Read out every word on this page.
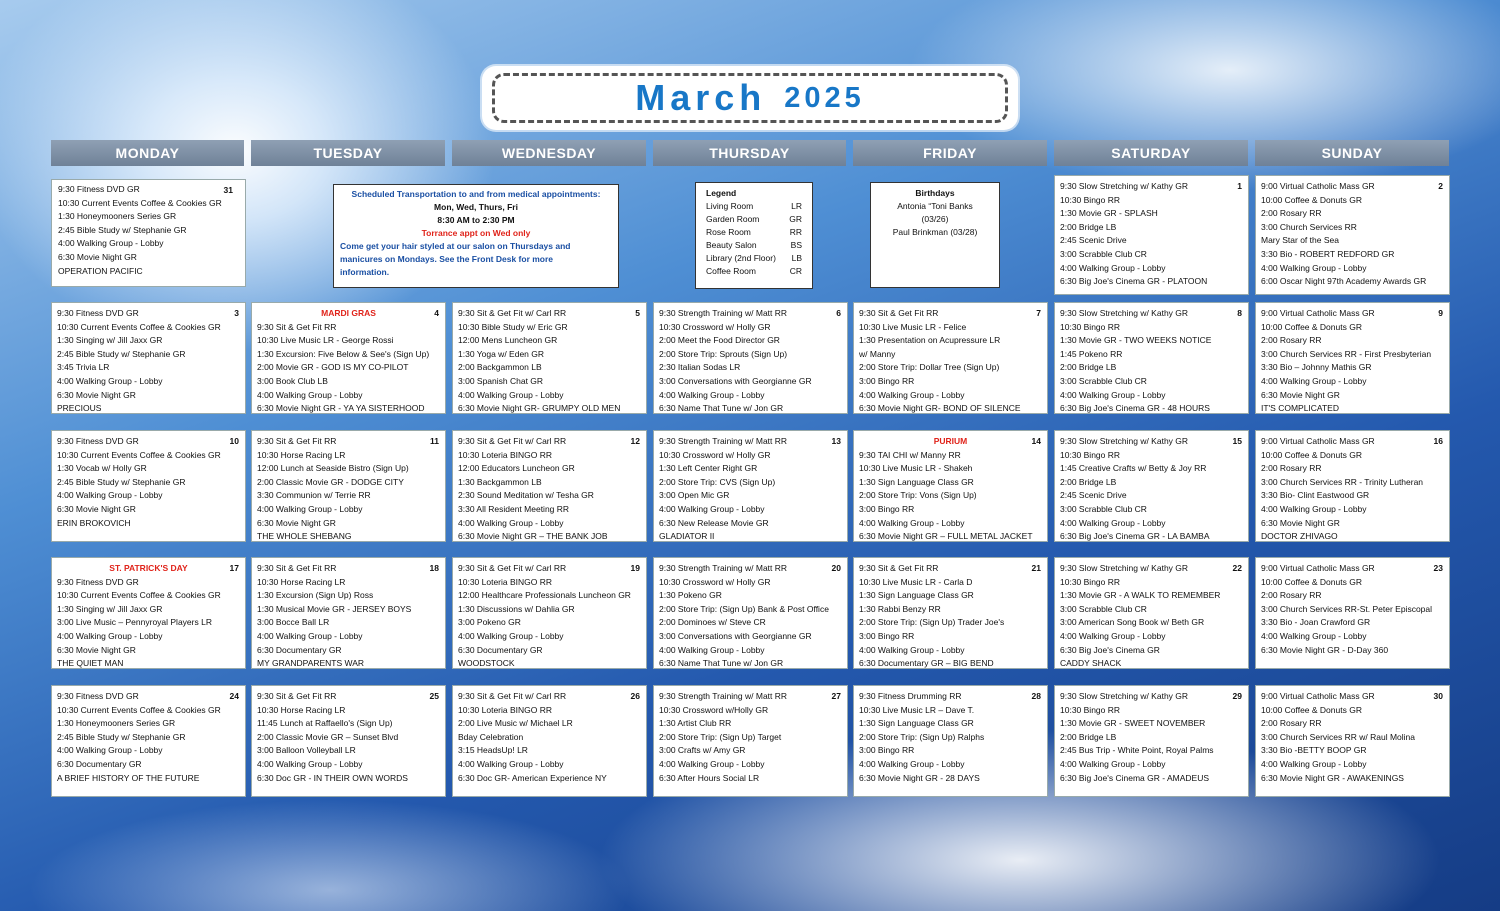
March 2025
MONDAY	TUESDAY	WEDNESDAY	THURSDAY	FRIDAY	SATURDAY	SUNDAY
31
9:30 Fitness DVD GR
10:30 Current Events Coffee & Cookies GR
1:30 Honeymooners Series GR
2:45 Bible Study w/ Stephanie GR
4:00 Walking Group - Lobby
6:30 Movie Night GR
OPERATION PACIFIC
Scheduled Transportation to and from medical appointments:
Mon, Wed, Thurs, Fri
8:30 AM to 2:30 PM
Torrance appt on Wed only
Come get your hair styled at our salon on Thursdays and
manicures on Mondays. See the Front Desk for more
information.
Legend
Living Room	LR
Garden Room	GR
Rose Room	RR
Beauty Salon	BS
Library (2nd Floor) LB
Coffee Room	CR
Birthdays
Antonia “Toni Banks
(03/26)
Paul Brinkman (03/28)
1
9:30 Slow Stretching w/ Kathy GR
10:30 Bingo RR
1:30 Movie GR - SPLASH
2:00 Bridge LB
2:45 Scenic Drive
3:00 Scrabble Club CR
4:00 Walking Group - Lobby
6:30 Big Joe's Cinema GR - PLATOON
2
9:00 Virtual Catholic Mass GR
10:00 Coffee & Donuts GR
2:00 Rosary RR
3:00 Church Services RR
Mary Star of the Sea
3:30 Bio - ROBERT REDFORD GR
4:00 Walking Group - Lobby
6:00 Oscar Night 97th Academy Awards GR
3
9:30 Fitness DVD GR
10:30 Current Events Coffee & Cookies GR
1:30 Singing w/ Jill Jaxx GR
2:45 Bible Study w/ Stephanie GR
3:45 Trivia LR
4:00 Walking Group - Lobby
6:30 Movie Night GR
PRECIOUS
4
MARDI GRAS
9:30 Sit & Get Fit RR
10:30 Live Music LR - George Rossi
1:30 Excursion: Five Below & See's (Sign Up)
2:00 Movie GR - GOD IS MY CO-PILOT
3:00 Book Club LB
4:00 Walking Group - Lobby
6:30 Movie Night GR - YA YA SISTERHOOD
5
9:30 Sit & Get Fit w/ Carl RR
10:30 Bible Study w/ Eric GR
12:00 Mens Luncheon GR
1:30 Yoga w/ Eden GR
2:00 Backgammon LB
3:00 Spanish Chat GR
4:00 Walking Group - Lobby
6:30 Movie Night GR- GRUMPY OLD MEN
6
9:30 Strength Training w/ Matt RR
10:30 Crossword w/ Holly GR
2:00 Meet the Food Director GR
2:00 Store Trip: Sprouts (Sign Up)
2:30 Italian Sodas LR
3:00 Conversations with Georgianne GR
4:00 Walking Group - Lobby
6:30 Name That Tune w/ Jon GR
7
9:30 Sit & Get Fit RR
10:30 Live Music LR - Felice
1:30 Presentation on Acupressure LR
w/ Manny
2:00 Store Trip: Dollar Tree (Sign Up)
3:00 Bingo RR
4:00 Walking Group - Lobby
6:30 Movie Night GR- BOND OF SILENCE
8
9:30 Slow Stretching w/ Kathy GR
10:30 Bingo RR
1:30 Movie GR - TWO WEEKS NOTICE
1:45 Pokeno RR
2:00 Bridge LB
3:00 Scrabble Club CR
4:00 Walking Group - Lobby
6:30 Big Joe's Cinema GR - 48 HOURS
9
9:00 Virtual Catholic Mass GR
10:00 Coffee & Donuts GR
2:00 Rosary RR
3:00 Church Services RR - First Presbyterian
3:30 Bio – Johnny Mathis GR
4:00 Walking Group - Lobby
6:30 Movie Night GR
IT'S COMPLICATED
10
9:30 Fitness DVD GR
10:30 Current Events Coffee & Cookies GR
1:30 Vocab w/ Holly GR
2:45 Bible Study w/ Stephanie GR
4:00 Walking Group - Lobby
6:30 Movie Night GR
ERIN BROKOVICH
11
9:30 Sit & Get Fit RR
10:30 Horse Racing LR
12:00 Lunch at Seaside Bistro (Sign Up)
2:00 Classic Movie GR - DODGE CITY
3:30 Communion w/ Terrie RR
4:00 Walking Group - Lobby
6:30 Movie Night GR
THE WHOLE SHEBANG
12
9:30 Sit & Get Fit w/ Carl RR
10:30 Loteria BINGO RR
12:00 Educators Luncheon GR
1:30 Backgammon LB
2:30 Sound Meditation w/ Tesha GR
3:30 All Resident Meeting RR
4:00 Walking Group - Lobby
6:30 Movie Night GR – THE BANK JOB
13
9:30 Strength Training w/ Matt RR
10:30 Crossword w/ Holly GR
1:30 Left Center Right GR
2:00 Store Trip: CVS (Sign Up)
3:00 Open Mic GR
4:00 Walking Group - Lobby
6:30 New Release Movie GR
GLADIATOR II
14
PURIUM
9:30 TAI CHI w/ Manny RR
10:30 Live Music LR - Shakeh
1:30 Sign Language Class GR
2:00 Store Trip: Vons (Sign Up)
3:00 Bingo RR
4:00 Walking Group - Lobby
6:30 Movie Night GR – FULL METAL JACKET
15
9:30 Slow Stretching w/ Kathy GR
10:30 Bingo RR
1:45 Creative Crafts w/ Betty & Joy RR
2:00 Bridge LB
2:45 Scenic Drive
3:00 Scrabble Club CR
4:00 Walking Group - Lobby
6:30 Big Joe's Cinema GR - LA BAMBA
16
9:00 Virtual Catholic Mass GR
10:00 Coffee & Donuts GR
2:00 Rosary RR
3:00 Church Services RR - Trinity Lutheran
3:30 Bio- Clint Eastwood GR
4:00 Walking Group - Lobby
6:30 Movie Night GR
DOCTOR ZHIVAGO
17
ST. PATRICK'S DAY
9:30 Fitness DVD GR
10:30 Current Events Coffee & Cookies GR
1:30 Singing w/ Jill Jaxx GR
3:00 Live Music – Pennyroyal Players LR
4:00 Walking Group - Lobby
6:30 Movie Night GR
THE QUIET MAN
18
9:30 Sit & Get Fit RR
10:30 Horse Racing LR
1:30 Excursion (Sign Up) Ross
1:30 Musical Movie GR - JERSEY BOYS
3:00 Bocce Ball LR
4:00 Walking Group - Lobby
6:30 Documentary GR
MY GRANDPARENTS WAR
19
9:30 Sit & Get Fit w/ Carl RR
10:30 Loteria BINGO RR
12:00 Healthcare Professionals Luncheon GR
1:30 Discussions w/ Dahlia GR
3:00 Pokeno GR
4:00 Walking Group - Lobby
6:30 Documentary GR
WOODSTOCK
20
9:30 Strength Training w/ Matt RR
10:30 Crossword w/ Holly GR
1:30 Pokeno GR
2:00 Store Trip: (Sign Up) Bank & Post Office
2:00 Dominoes w/ Steve CR
3:00 Conversations with Georgianne GR
4:00 Walking Group - Lobby
6:30 Name That Tune w/ Jon GR
21
9:30 Sit & Get Fit RR
10:30 Live Music LR - Carla D
1:30 Sign Language Class GR
1:30 Rabbi Benzy RR
2:00 Store Trip: (Sign Up) Trader Joe's
3:00 Bingo RR
4:00 Walking Group - Lobby
6:30 Documentary GR – BIG BEND
22
9:30 Slow Stretching w/ Kathy GR
10:30 Bingo RR
1:30 Movie GR - A WALK TO REMEMBER
3:00 Scrabble Club CR
3:00 American Song Book w/ Beth GR
4:00 Walking Group - Lobby
6:30 Big Joe's Cinema GR
CADDY SHACK
23
9:00 Virtual Catholic Mass GR
10:00 Coffee & Donuts GR
2:00 Rosary RR
3:00 Church Services RR-St. Peter Episcopal
3:30 Bio - Joan Crawford GR
4:00 Walking Group - Lobby
6:30 Movie Night GR - D-Day 360
24
9:30 Fitness DVD GR
10:30 Current Events Coffee & Cookies GR
1:30 Honeymooners Series GR
2:45 Bible Study w/ Stephanie GR
4:00 Walking Group - Lobby
6:30 Documentary GR
A BRIEF HISTORY OF THE FUTURE
25
9:30 Sit & Get Fit RR
10:30 Horse Racing LR
11:45 Lunch at Raffaello's (Sign Up)
2:00 Classic Movie GR – Sunset Blvd
3:00 Balloon Volleyball LR
4:00 Walking Group - Lobby
6:30 Doc GR - IN THEIR OWN WORDS
26
9:30 Sit & Get Fit w/ Carl RR
10:30 Loteria BINGO RR
2:00 Live Music w/ Michael LR
Bday Celebration
3:15 HeadsUp! LR
4:00 Walking Group - Lobby
6:30 Doc GR- American Experience NY
27
9:30 Strength Training w/ Matt RR
10:30 Crossword w/Holly GR
1:30 Artist Club RR
2:00 Store Trip: (Sign Up) Target
3:00 Crafts w/ Amy GR
4:00 Walking Group - Lobby
6:30 After Hours Social LR
28
9:30 Fitness Drumming RR
10:30 Live Music LR – Dave T.
1:30 Sign Language Class GR
2:00 Store Trip: (Sign Up) Ralphs
3:00 Bingo RR
4:00 Walking Group - Lobby
6:30 Movie Night GR - 28 DAYS
29
9:30 Slow Stretching w/ Kathy GR
10:30 Bingo RR
1:30 Movie GR - SWEET NOVEMBER
2:00 Bridge LB
2:45 Bus Trip - White Point, Royal Palms
4:00 Walking Group - Lobby
6:30 Big Joe's Cinema GR - AMADEUS
30
9:00 Virtual Catholic Mass GR
10:00 Coffee & Donuts GR
2:00 Rosary RR
3:00 Church Services RR w/ Raul Molina
3:30 Bio -BETTY BOOP GR
4:00 Walking Group - Lobby
6:30 Movie Night GR - AWAKENINGS
